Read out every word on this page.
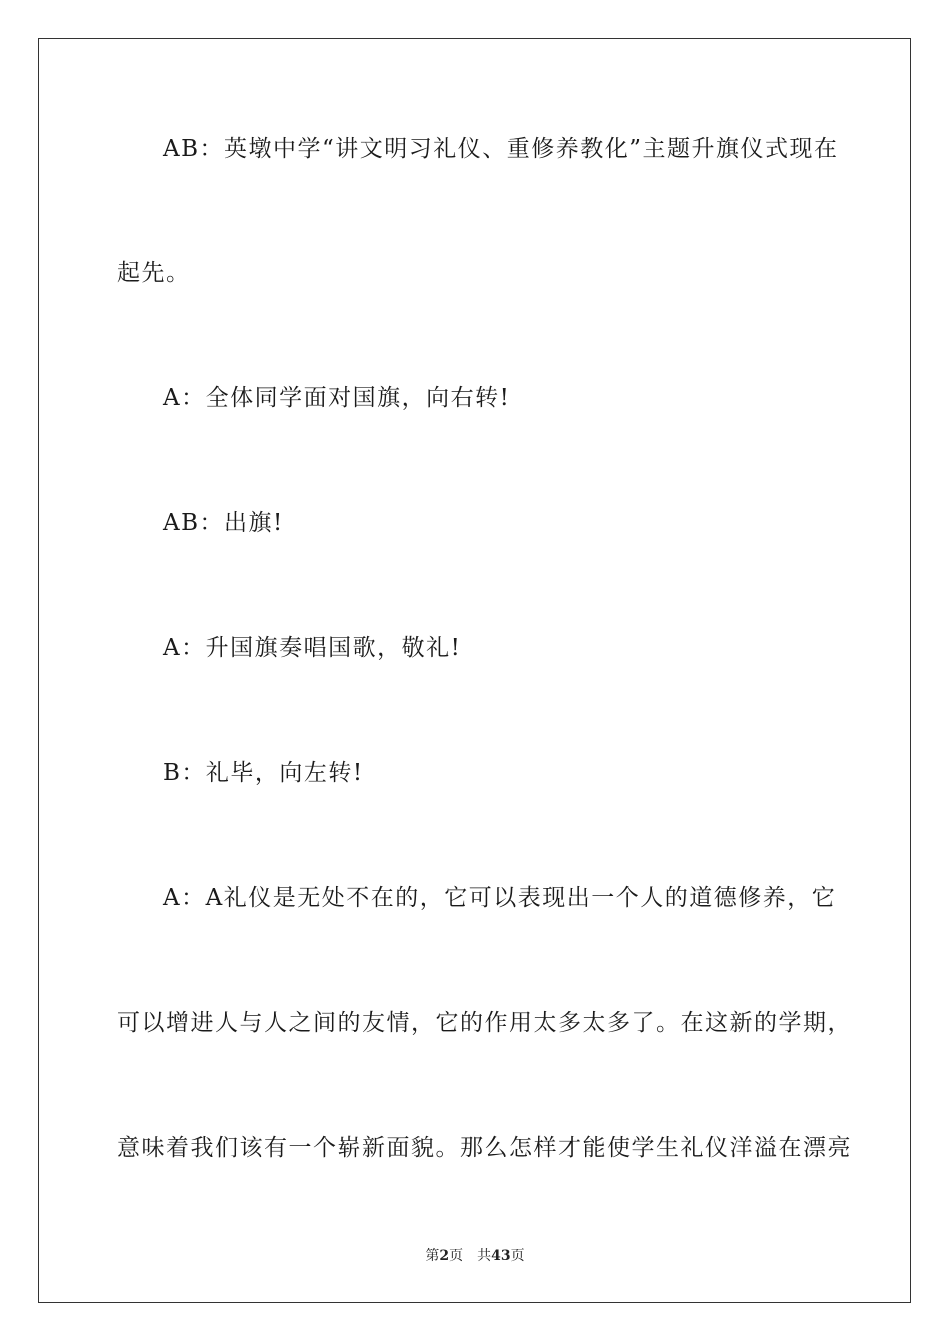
AB：英墩中学“讲文明习礼仪、重修养教化”主题升旗仪式现在
起先。
A：全体同学面对国旗，向右转!
AB：出旗!
A：升国旗奏唱国歌，敬礼!
B：礼毕，向左转!
A：A礼仪是无处不在的，它可以表现出一个人的道德修养，它
可以增进人与人之间的友情，它的作用太多太多了。在这新的学期，
意味着我们该有一个崭新面貌。那么怎样才能使学生礼仪洋溢在漂亮
第2页 共43页
